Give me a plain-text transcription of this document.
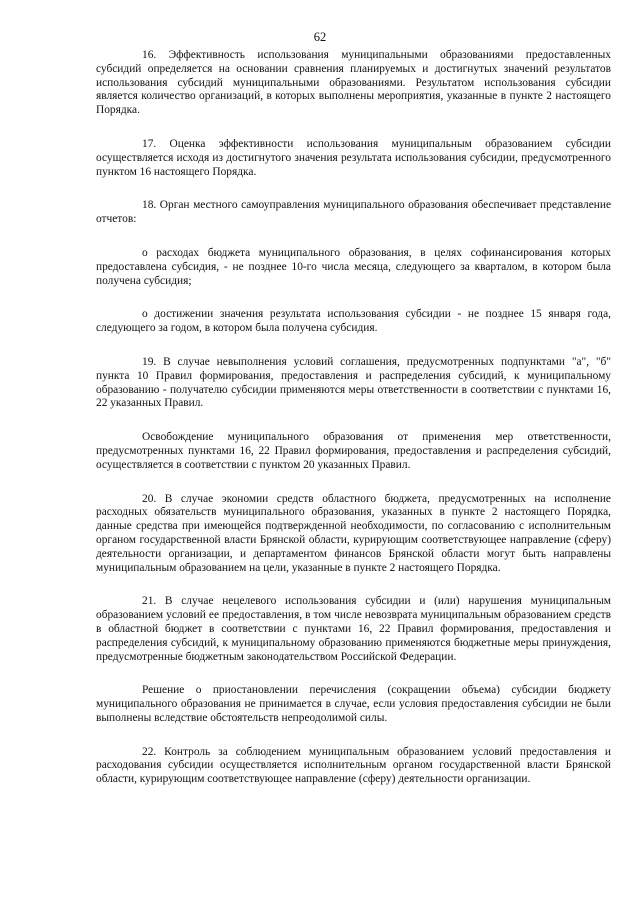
62

16. Эффективность использования муниципальными образованиями предоставленных субсидий определяется на основании сравнения планируемых и достигнутых значений результатов использования субсидий муниципальными образованиями. Результатом использования субсидии является количество организаций, в которых выполнены мероприятия, указанные в пункте 2 настоящего Порядка.

17. Оценка эффективности использования муниципальным образованием субсидии осуществляется исходя из достигнутого значения результата использования субсидии, предусмотренного пунктом 16 настоящего Порядка.

18. Орган местного самоуправления муниципального образования обеспечивает представление отчетов:

о расходах бюджета муниципального образования, в целях софинансирования которых предоставлена субсидия, - не позднее 10-го числа месяца, следующего за кварталом, в котором была получена субсидия;

о достижении значения результата использования субсидии - не позднее 15 января года, следующего за годом, в котором была получена субсидия.

19. В случае невыполнения условий соглашения, предусмотренных подпунктами "а", "б" пункта 10 Правил формирования, предоставления и распределения субсидий, к муниципальному образованию - получателю субсидии применяются меры ответственности в соответствии с пунктами 16, 22 указанных Правил.

Освобождение муниципального образования от применения мер ответственности, предусмотренных пунктами 16, 22 Правил формирования, предоставления и распределения субсидий, осуществляется в соответствии с пунктом 20 указанных Правил.

20. В случае экономии средств областного бюджета, предусмотренных на исполнение расходных обязательств муниципального образования, указанных в пункте 2 настоящего Порядка, данные средства при имеющейся подтвержденной необходимости, по согласованию с исполнительным органом государственной власти Брянской области, курирующим соответствующее направление (сферу) деятельности организации, и департаментом финансов Брянской области могут быть направлены муниципальным образованием на цели, указанные в пункте 2 настоящего Порядка.

21. В случае нецелевого использования субсидии и (или) нарушения муниципальным образованием условий ее предоставления, в том числе невозврата муниципальным образованием средств в областной бюджет в соответствии с пунктами 16, 22 Правил формирования, предоставления и распределения субсидий, к муниципальному образованию применяются бюджетные меры принуждения, предусмотренные бюджетным законодательством Российской Федерации.

Решение о приостановлении перечисления (сокращении объема) субсидии бюджету муниципального образования не принимается в случае, если условия предоставления субсидии не были выполнены вследствие обстоятельств непреодолимой силы.

22. Контроль за соблюдением муниципальным образованием условий предоставления и расходования субсидии осуществляется исполнительным органом государственной власти Брянской области, курирующим соответствующее направление (сферу) деятельности организации.
